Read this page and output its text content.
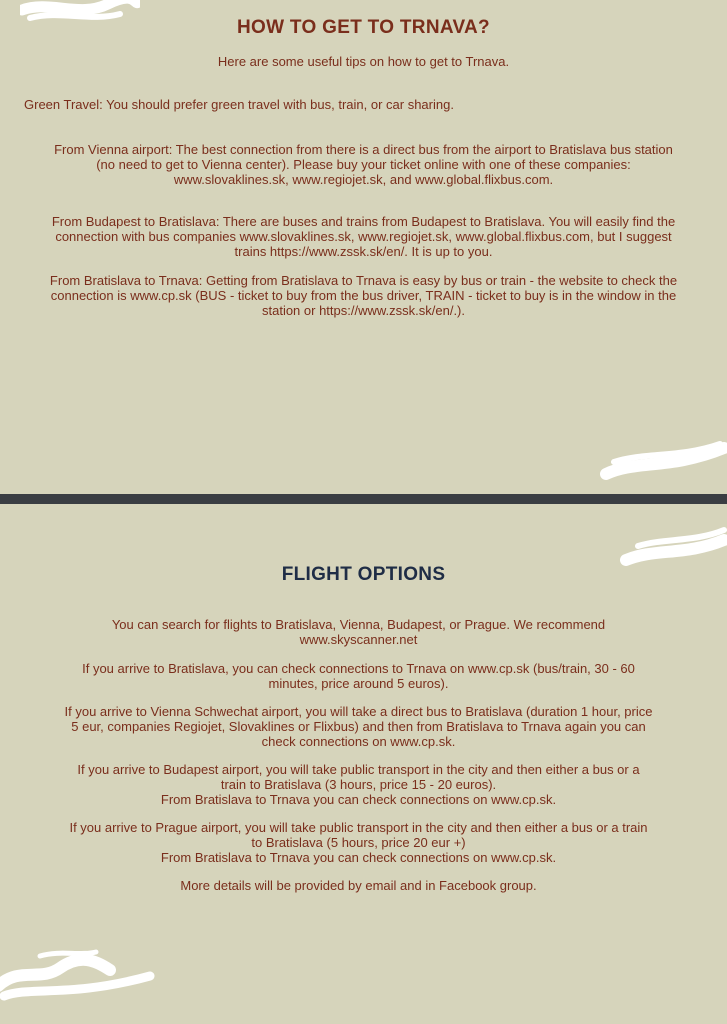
HOW TO GET TO TRNAVA?

Here are some useful tips on how to get to Trnava.

Green Travel: You should prefer green travel with bus, train, or car sharing.

From Vienna airport: The best connection from there is a direct bus from the airport to Bratislava bus station

(no need to get to Vienna center). Please buy your ticket online with one of these companies:

www.slovaklines.sk, www.regiojet.sk, and www.global.flixbus.com.

From Budapest to Bratislava: There are buses and trains from Budapest to Bratislava. You will easily find the

connection with bus companies www.slovaklines.sk, www.regiojet.sk, www.global.flixbus.com, but I suggest

trains https://www.zssk.sk/en/. It is up to you.

From Bratislava to Trnava: Getting from Bratislava to Trnava is easy by bus or train - the website to check the

connection is www.cp.sk (BUS - ticket to buy from the bus driver, TRAIN - ticket to buy is in the window in the

station or https://www.zssk.sk/en/.).

FLIGHT OPTIONS

You can search for flights to Bratislava, Vienna, Budapest, or Prague. We recommend

www.skyscanner.net

If you arrive to Bratislava, you can check connections to Trnava on www.cp.sk (bus/train, 30 - 60

minutes, price around 5 euros).

If you arrive to Vienna Schwechat airport, you will take a direct bus to Bratislava (duration 1 hour, price

5 eur, companies Regiojet, Slovaklines or Flixbus) and then from Bratislava to Trnava again you can

check connections on www.cp.sk.

If you arrive to Budapest airport, you will take public transport in the city and then either a bus or a

train to Bratislava (3 hours, price 15 - 20 euros).

From Bratislava to Trnava you can check connections on www.cp.sk.

If you arrive to Prague airport, you will take public transport in the city and then either a bus or a train

to Bratislava (5 hours, price 20 eur +)

From Bratislava to Trnava you can check connections on www.cp.sk.

More details will be provided by email and in Facebook group.
